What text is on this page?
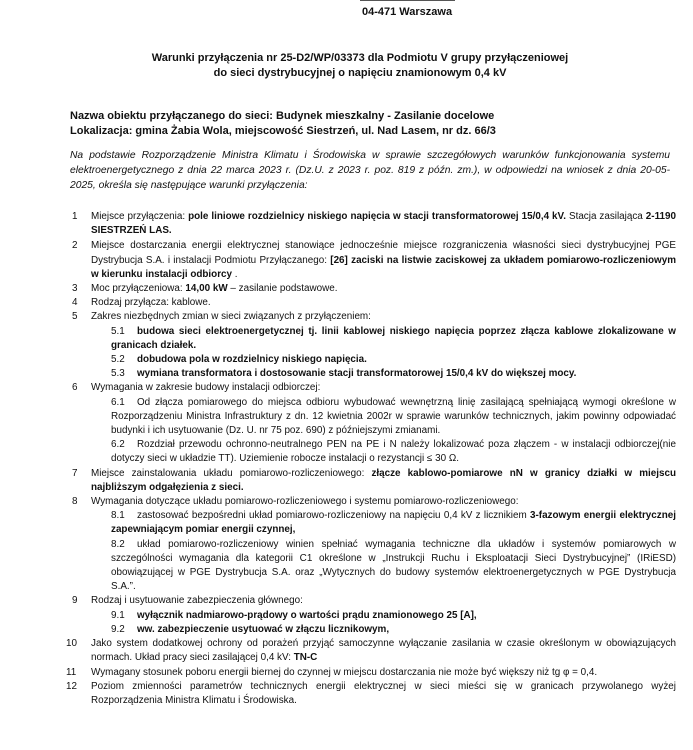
04-471 Warszawa
Warunki przyłączenia nr 25-D2/WP/03373 dla Podmiotu V grupy przyłączeniowej
do sieci dystrybucyjnej o napięciu znamionowym 0,4 kV
Nazwa obiektu przyłączanego do sieci: Budynek mieszkalny - Zasilanie docelowe
Lokalizacja: gmina Żabia Wola, miejscowość Siestrzeń, ul. Nad Lasem, nr dz. 66/3
Na podstawie Rozporządzenie Ministra Klimatu i Środowiska w sprawie szczegółowych warunków funkcjonowania systemu elektroenergetycznego z dnia 22 marca 2023 r. (Dz.U. z 2023 r. poz. 819 z późn. zm.), w odpowiedzi na wniosek z dnia 20-05-2025, określa się następujące warunki przyłączenia:
1 Miejsce przyłączenia: pole liniowe rozdzielnicy niskiego napięcia w stacji transformatorowej 15/0,4 kV. Stacja zasilająca 2-1190 SIESTRZEŃ LAS.
2 Miejsce dostarczania energii elektrycznej stanowiące jednocześnie miejsce rozgraniczenia własności sieci dystrybucyjnej PGE Dystrybucja S.A. i instalacji Podmiotu Przyłączanego: [26] zaciski na listwie zaciskowej za układem pomiarowo-rozliczeniowym w kierunku instalacji odbiorcy .
3 Moc przyłączeniowa: 14,00 kW – zasilanie podstawowe.
4 Rodzaj przyłącza: kablowe.
5 Zakres niezbędnych zmian w sieci związanych z przyłączeniem:
5.1 budowa sieci elektroenergetycznej tj. linii kablowej niskiego napięcia poprzez złącza kablowe zlokalizowane w granicach działek.
5.2 dobudowa pola w rozdzielnicy niskiego napięcia.
5.3 wymiana transformatora i dostosowanie stacji transformatorowej 15/0,4 kV do większej mocy.
6 Wymagania w zakresie budowy instalacji odbiorczej:
6.1 Od złącza pomiarowego do miejsca odbioru wybudować wewnętrzną linię zasilającą spełniającą wymogi określone w Rozporządzeniu Ministra Infrastruktury z dn. 12 kwietnia 2002r w sprawie warunków technicznych, jakim powinny odpowiadać budynki i ich usytuowanie (Dz. U. nr 75 poz. 690) z późniejszymi zmianami.
6.2 Rozdział przewodu ochronno-neutralnego PEN na PE i N należy lokalizować poza złączem - w instalacji odbiorczej(nie dotyczy sieci w układzie TT). Uziemienie robocze instalacji o rezystancji ≤ 30 Ω.
7 Miejsce zainstalowania układu pomiarowo-rozliczeniowego: złącze kablowo-pomiarowe nN w granicy działki w miejscu najbliższym odgałęzienia z sieci.
8 Wymagania dotyczące układu pomiarowo-rozliczeniowego i systemu pomiarowo-rozliczeniowego:
8.1 zastosować bezpośredni układ pomiarowo-rozliczeniowy na napięciu 0,4 kV z licznikiem 3-fazowym energii elektrycznej zapewniającym pomiar energii czynnej,
8.2 układ pomiarowo-rozliczeniowy winien spełniać wymagania techniczne dla układów i systemów pomiarowych w szczególności wymagania dla kategorii C1 określone w „Instrukcji Ruchu i Eksploatacji Sieci Dystrybucyjnej” (IRiESD) obowiązującej w PGE Dystrybucja S.A. oraz „Wytycznych do budowy systemów elektroenergetycznych w PGE Dystrybucja S.A.”.
9 Rodzaj i usytuowanie zabezpieczenia głównego:
9.1 wyłącznik nadmiarowo-prądowy o wartości prądu znamionowego 25 [A],
9.2 ww. zabezpieczenie usytuować w złączu licznikowym,
10 Jako system dodatkowej ochrony od porażeń przyjąć samoczynne wyłączanie zasilania w czasie określonym w obowiązujących normach. Układ pracy sieci zasilającej 0,4 kV: TN-C
11 Wymagany stosunek poboru energii biernej do czynnej w miejscu dostarczania nie może być większy niż tg φ = 0,4.
12 Poziom zmienności parametrów technicznych energii elektrycznej w sieci mieści się w granicach przywolanego wyżej Rozporządzenia Ministra Klimatu i Środowiska.
